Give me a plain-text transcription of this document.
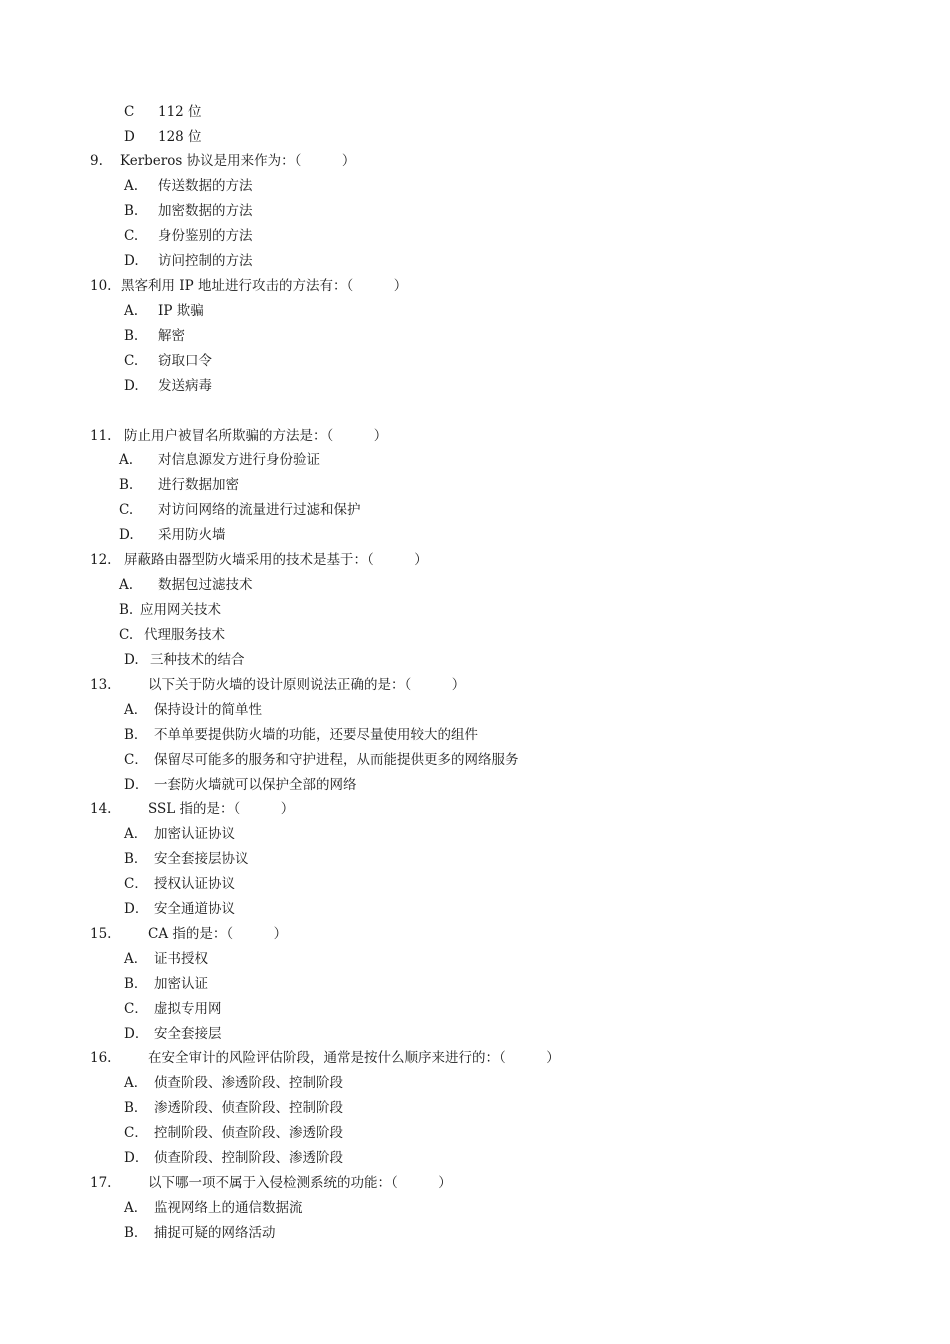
C 112 位
D 128 位
9. Kerberos 协议是用来作为：（　　　）
A. 传送数据的方法
B. 加密数据的方法
C. 身份鉴别的方法
D. 访问控制的方法
10. 黑客利用 IP 地址进行攻击的方法有：（　　　）
A. IP 欺骗
B. 解密
C. 窃取口令
D. 发送病毒
11. 防止用户被冒名所欺骗的方法是：（　　　）
A. 对信息源发方进行身份验证
B. 进行数据加密
C. 对访问网络的流量进行过滤和保护
D. 采用防火墙
12. 屏蔽路由器型防火墙采用的技术是基于：（　　　）
A. 数据包过滤技术
B. 应用网关技术
C. 代理服务技术
D. 三种技术的结合
13.	以下关于防火墙的设计原则说法正确的是：（　　　）
A． 保持设计的简单性
B． 不单单要提供防火墙的功能，还要尽量使用较大的组件
C． 保留尽可能多的服务和守护进程，从而能提供更多的网络服务
D． 一套防火墙就可以保护全部的网络
14.	SSL 指的是：（　　　）
A． 加密认证协议
B． 安全套接层协议
C． 授权认证协议
D． 安全通道协议
15.	CA 指的是：（　　　）
A． 证书授权
B． 加密认证
C． 虚拟专用网
D． 安全套接层
16.	在安全审计的风险评估阶段，通常是按什么顺序来进行的：（　　　）
A． 侦查阶段、渗透阶段、控制阶段
B． 渗透阶段、侦查阶段、控制阶段
C． 控制阶段、侦查阶段、渗透阶段
D． 侦查阶段、控制阶段、渗透阶段
17.	以下哪一项不属于入侵检测系统的功能：（　　　）
A． 监视网络上的通信数据流
B． 捕捉可疑的网络活动
